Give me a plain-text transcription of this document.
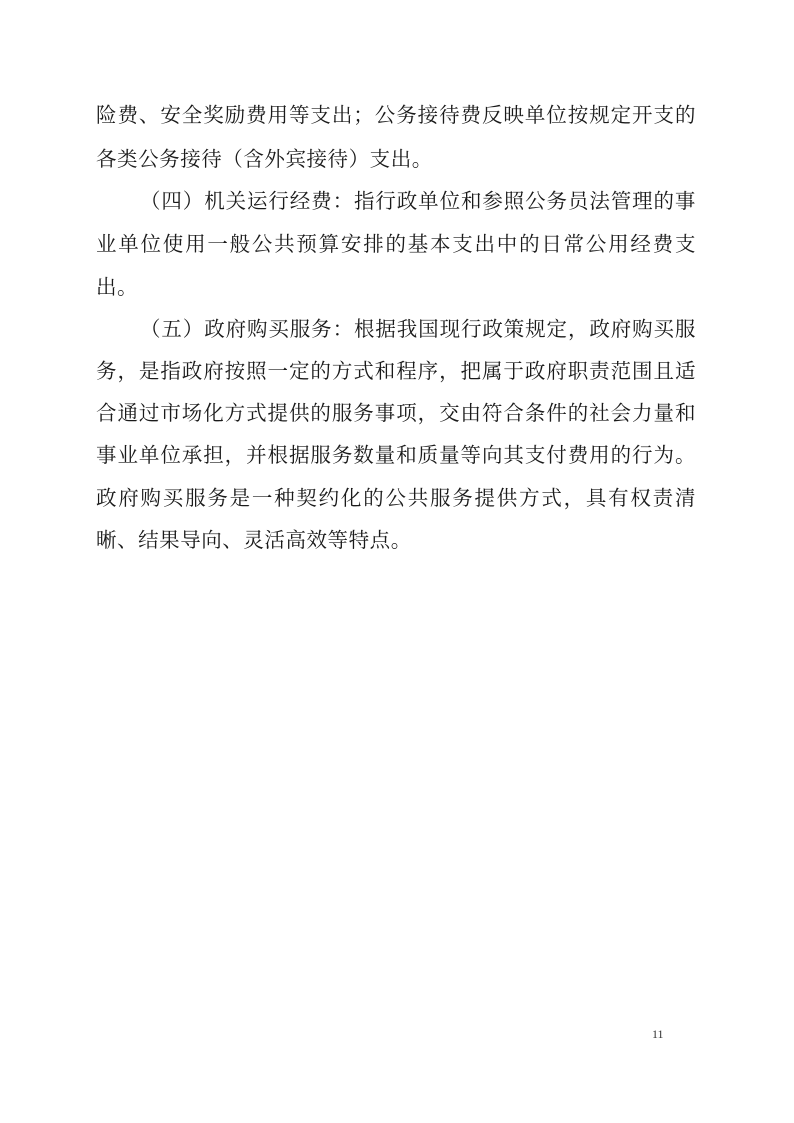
险费、安全奖励费用等支出；公务接待费反映单位按规定开支的
各类公务接待（含外宾接待）支出。
（四）机关运行经费：指行政单位和参照公务员法管理的事
业单位使用一般公共预算安排的基本支出中的日常公用经费支
出。
（五）政府购买服务：根据我国现行政策规定，政府购买服
务，是指政府按照一定的方式和程序，把属于政府职责范围且适
合通过市场化方式提供的服务事项，交由符合条件的社会力量和
事业单位承担，并根据服务数量和质量等向其支付费用的行为。
政府购买服务是一种契约化的公共服务提供方式，具有权责清
晰、结果导向、灵活高效等特点。
11
